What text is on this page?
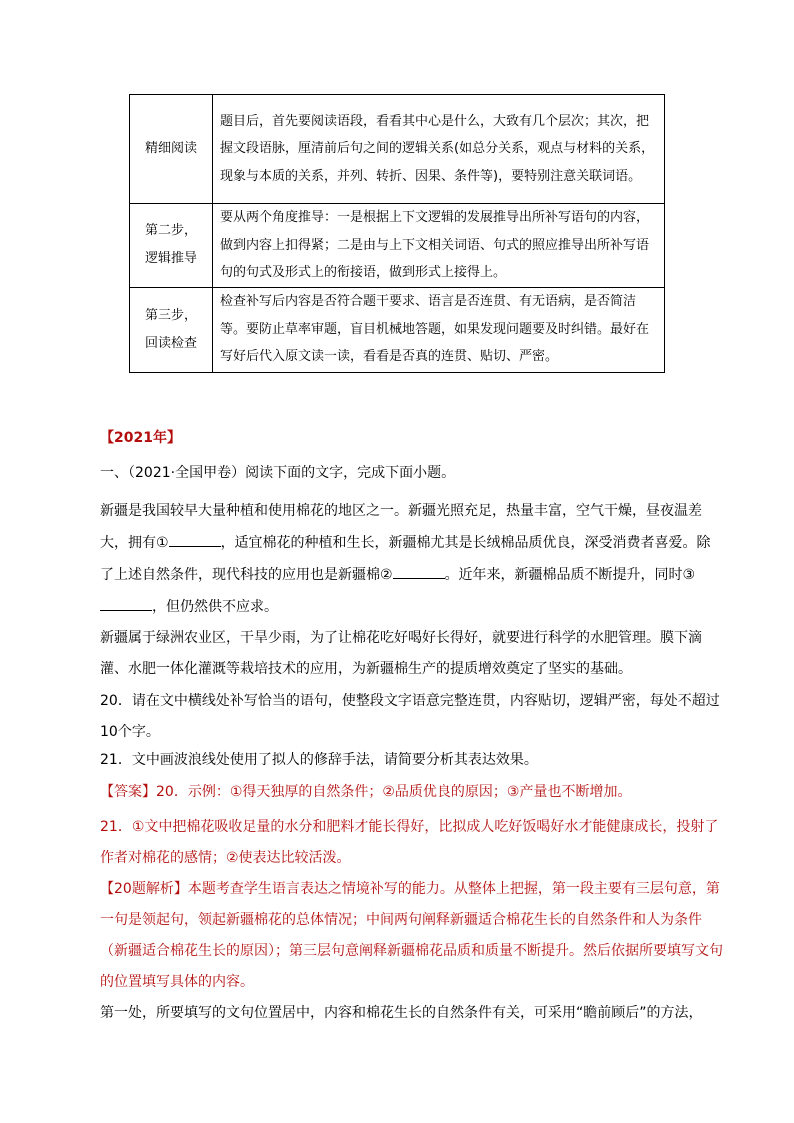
精细阅读	题目后，首先要阅读语段，看看其中心是什么，大致有几个层次；其次，把握文段语脉，厘清前后句之间的逻辑关系(如总分关系，观点与材料的关系，现象与本质的关系，并列、转折、因果、条件等)，要特别注意关联词语。
第二步，
逻辑推导	要从两个角度推导：一是根据上下文逻辑的发展推导出所补写语句的内容，做到内容上扣得紧；二是由与上下文相关词语、句式的照应推导出所补写语句的句式及形式上的衔接语，做到形式上接得上。
第三步，
回读检查	检查补写后内容是否符合题干要求、语言是否连贯、有无语病，是否简洁等。要防止草率审题，盲目机械地答题，如果发现问题要及时纠错。最好在写好后代入原文读一读，看看是否真的连贯、贴切、严密。

【2021年】

一、（2021·全国甲卷）阅读下面的文字，完成下面小题。

新疆是我国较早大量种植和使用棉花的地区之一。新疆光照充足，热量丰富，空气干燥，昼夜温差大，拥有①	，适宜棉花的种植和生长，新疆棉尤其是长绒棉品质优良，深受消费者喜爱。除了上述自然条件，现代科技的应用也是新疆棉②	。近年来，新疆棉品质不断提升，同时③，但仍然供不应求。

新疆属于绿洲农业区，干旱少雨，为了让棉花吃好喝好长得好，就要进行科学的水肥管理。膜下滴灌、水肥一体化灌溉等栽培技术的应用，为新疆棉生产的提质增效奠定了坚实的基础。

20．请在文中横线处补写恰当的语句，使整段文字语意完整连贯，内容贴切，逻辑严密，每处不超过10个字。

21．文中画波浪线处使用了拟人的修辞手法，请简要分析其表达效果。

【答案】20．示例：①得天独厚的自然条件；②品质优良的原因；③产量也不断增加。

21．①文中把棉花吸收足量的水分和肥料才能长得好，比拟成人吃好饭喝好水才能健康成长，投射了作者对棉花的感情；②使表达比较活泼。

【20题解析】本题考查学生语言表达之情境补写的能力。从整体上把握，第一段主要有三层句意，第一句是领起句，领起新疆棉花的总体情况；中间两句阐释新疆适合棉花生长的自然条件和人为条件（新疆适合棉花生长的原因）；第三层句意阐释新疆棉花品质和质量不断提升。然后依据所要填写文句的位置填写具体的内容。

第一处，所要填写的文句位置居中，内容和棉花生长的自然条件有关，可采用“瞻前顾后”的方法，
